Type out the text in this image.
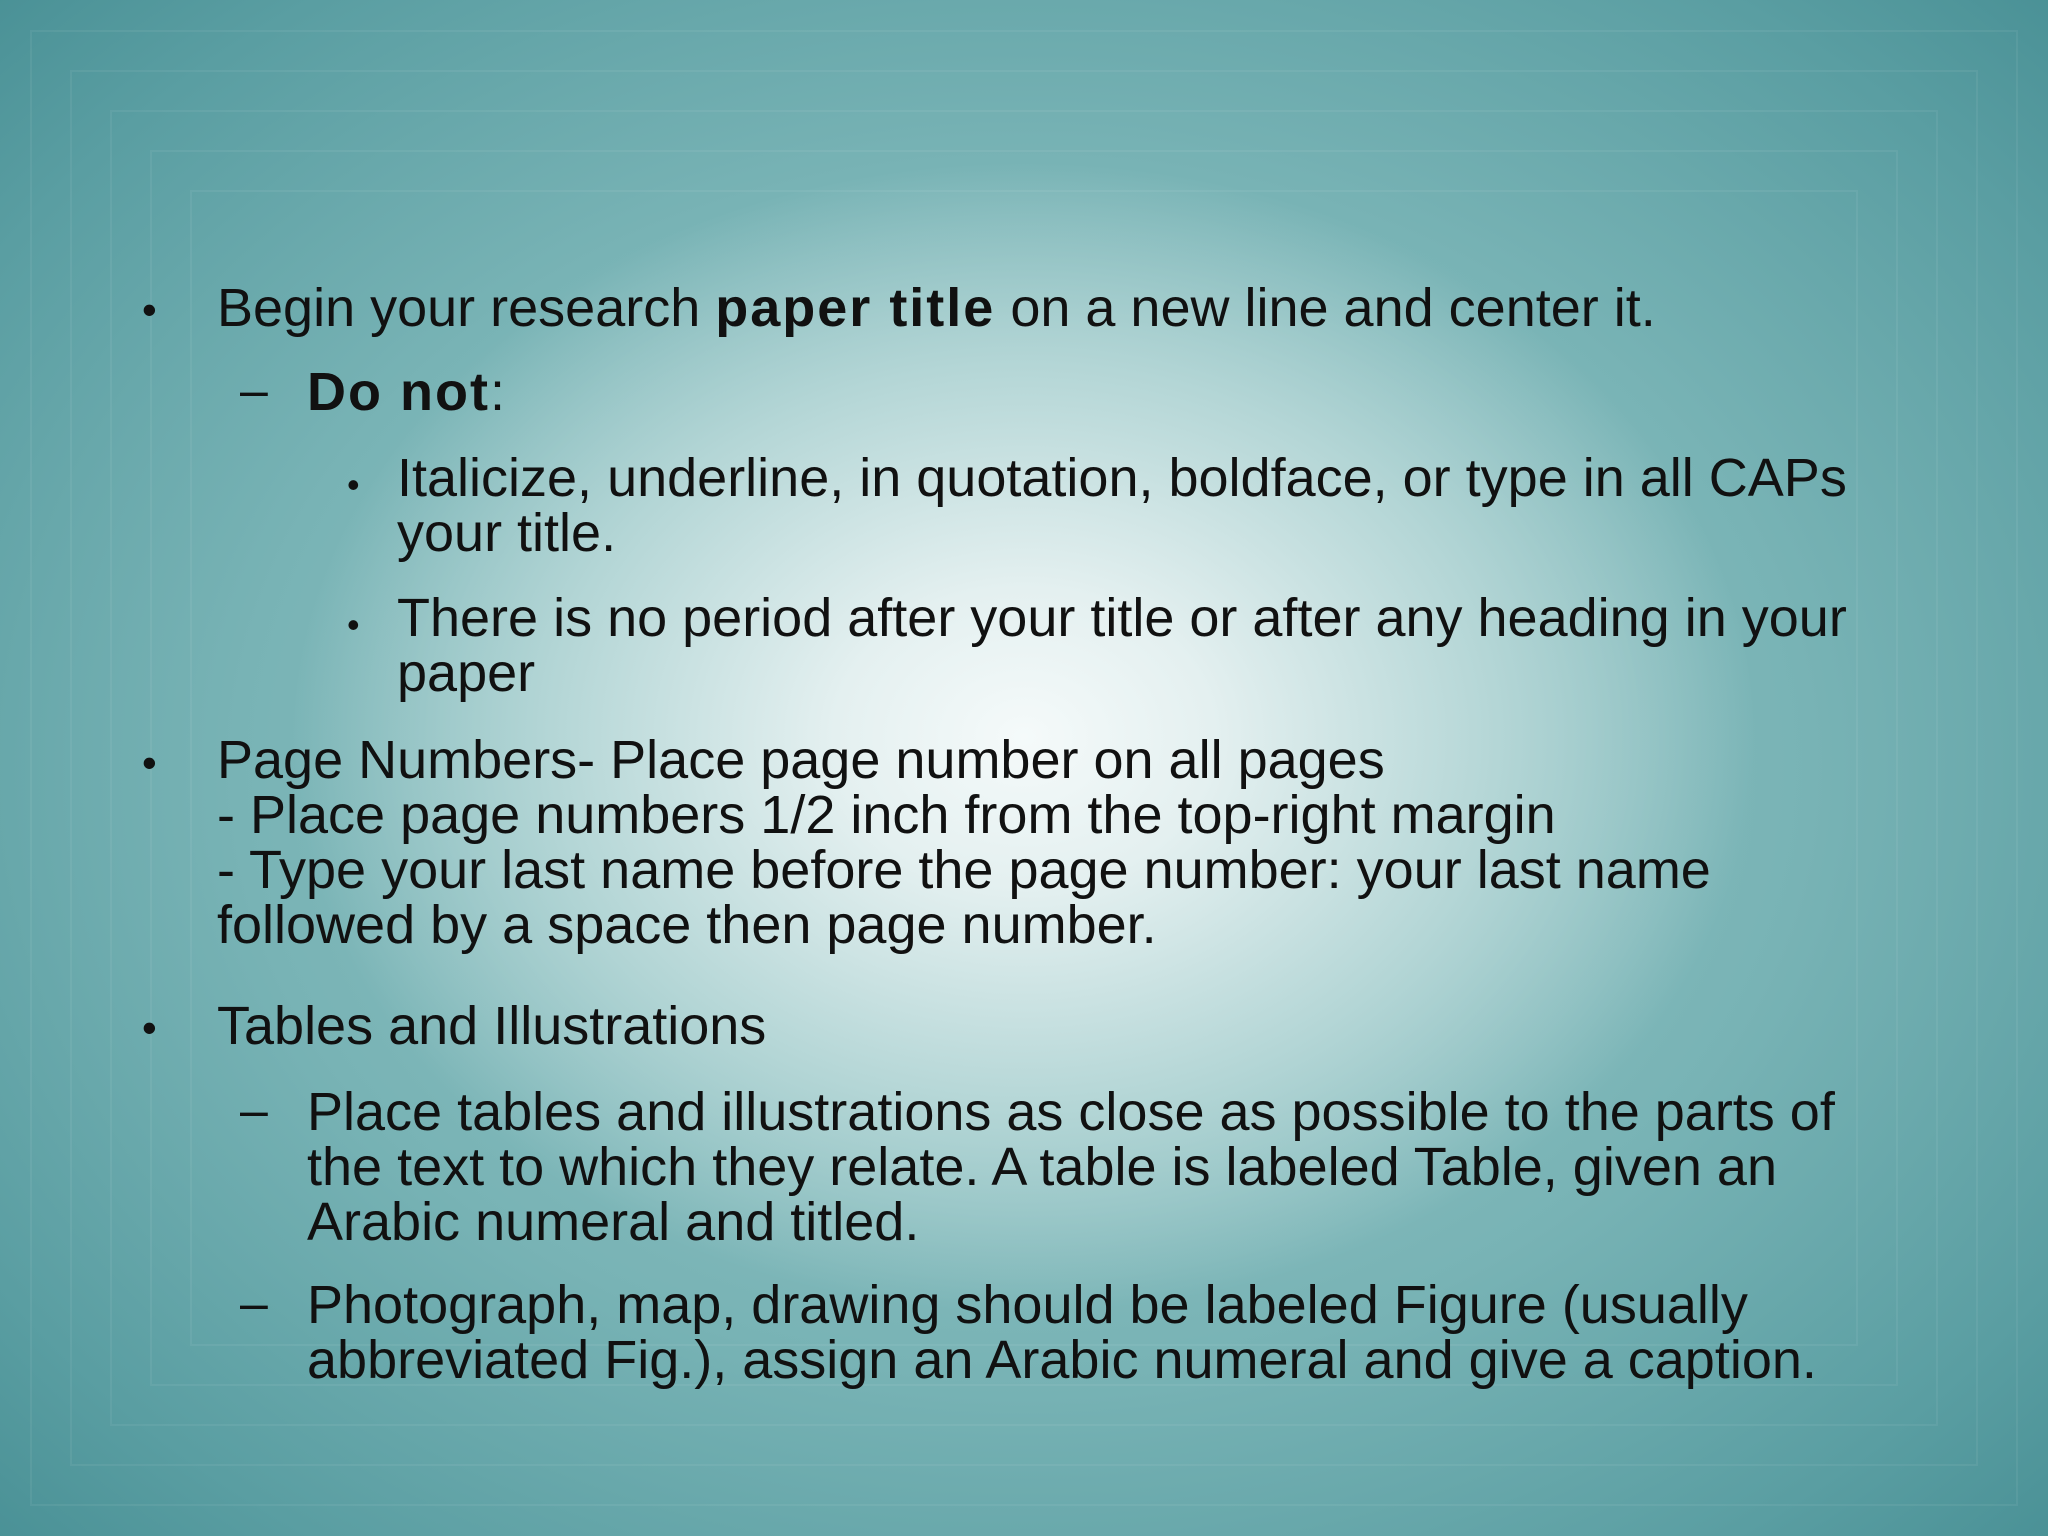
• Begin your research paper title on a new line and center it.
– Do not:
• Italicize, underline, in quotation, boldface, or type in all CAPs
your title.
• There is no period after your title or after any heading in your
paper
• Page Numbers- Place page number on all pages
- Place page numbers 1/2 inch from the top-right margin
- Type your last name before the page number: your last name
followed by a space then page number.
• Tables and Illustrations
– Place tables and illustrations as close as possible to the parts of
the text to which they relate. A table is labeled Table, given an
Arabic numeral and titled.
– Photograph, map, drawing should be labeled Figure (usually
abbreviated Fig.), assign an Arabic numeral and give a caption.
